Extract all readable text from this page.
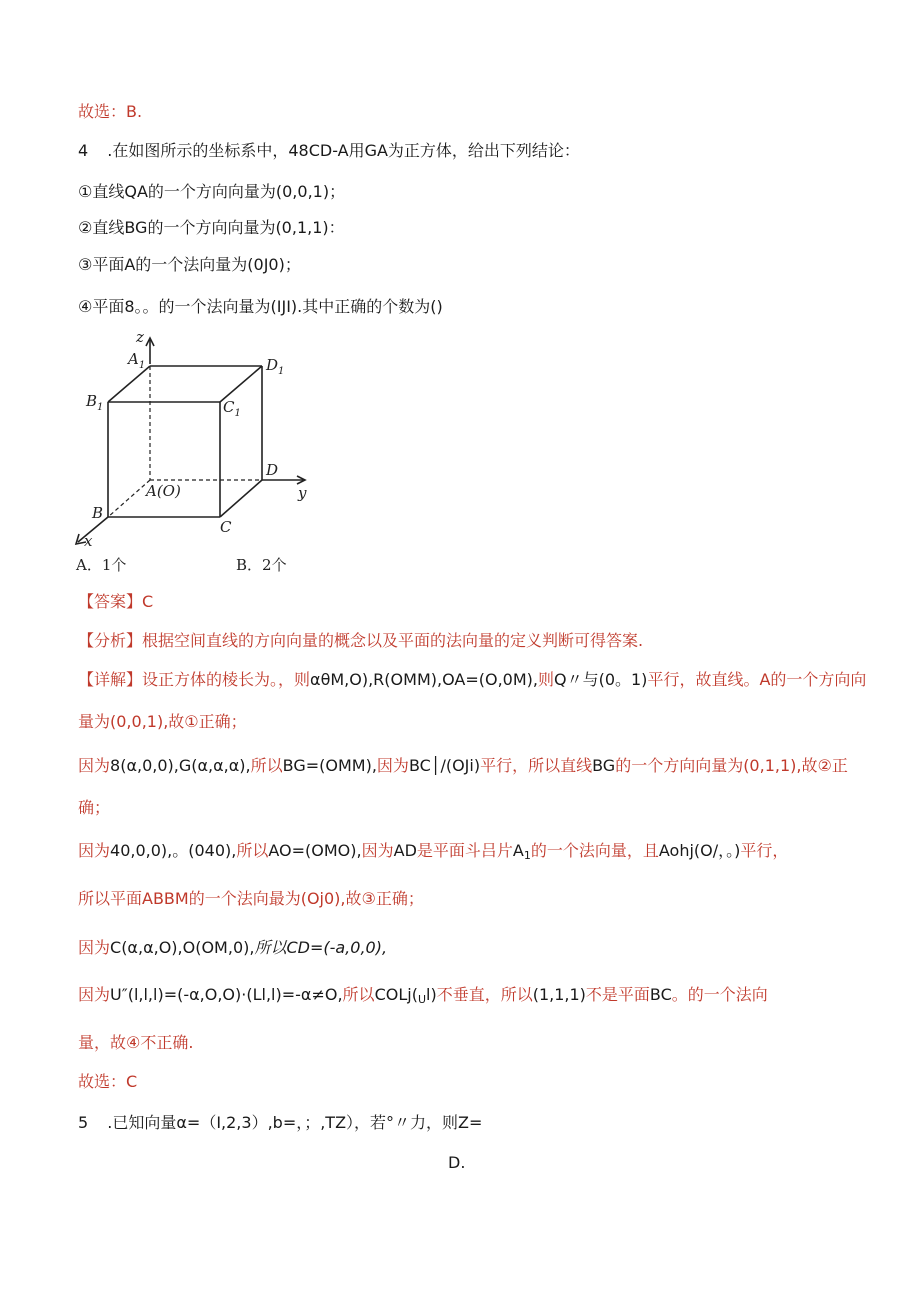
故选：B.
4 .在如图所示的坐标系中，48CD-A用GA为正方体，给出下列结论：
①直线QA的一个方向向量为(0,0,1)；
②直线BG的一个方向向量为(0,1,1)：
③平面A的一个法向量为(0J0)；
④平面8。。的一个法向量为(IJI).其中正确的个数为()
z
$A_1$	$D_1$
$B_1$	$C_1$
D
A(O)	y
B
C
x
A．1个	B．2个
【答案】C
【分析】根据空间直线的方向向量的概念以及平面的法向量的定义判断可得答案.
【详解】设正方体的棱长为。，则αθM,O),R(OMM),OA=(O,0M),则Q〃与(0。1)平行，故直线。A的一个方向向
量为(0,0,1),故①正确；
因为8(α,0,0),G(α,α,α),所以BG=(OMM),因为BC│/(OJi)平行，所以直线BG的一个方向向量为(0,1,1),故②正
确；
因为40,0,0),。(040),所以AO=(OMO),因为AD是平面斗吕片$A_1$的一个法向量，且Aohj(O/，。)平行，
所以平面ABBM的一个法向最为(Oj0),故③正确；
因为C(α,α,O),O(OM,0),所以CD=(-a,0,0),
因为U″(l,l,l)=(-α,O,O)·(Ll,l)=-α≠O,所以$COLj(_Ul)$不垂直，所以(1,1,1)不是平面BC。的一个法向
量，故④不正确.
故选：C
5 .已知向量α=（I,2,3）,b=，；,TZ），若°〃力，则Z=
D.
